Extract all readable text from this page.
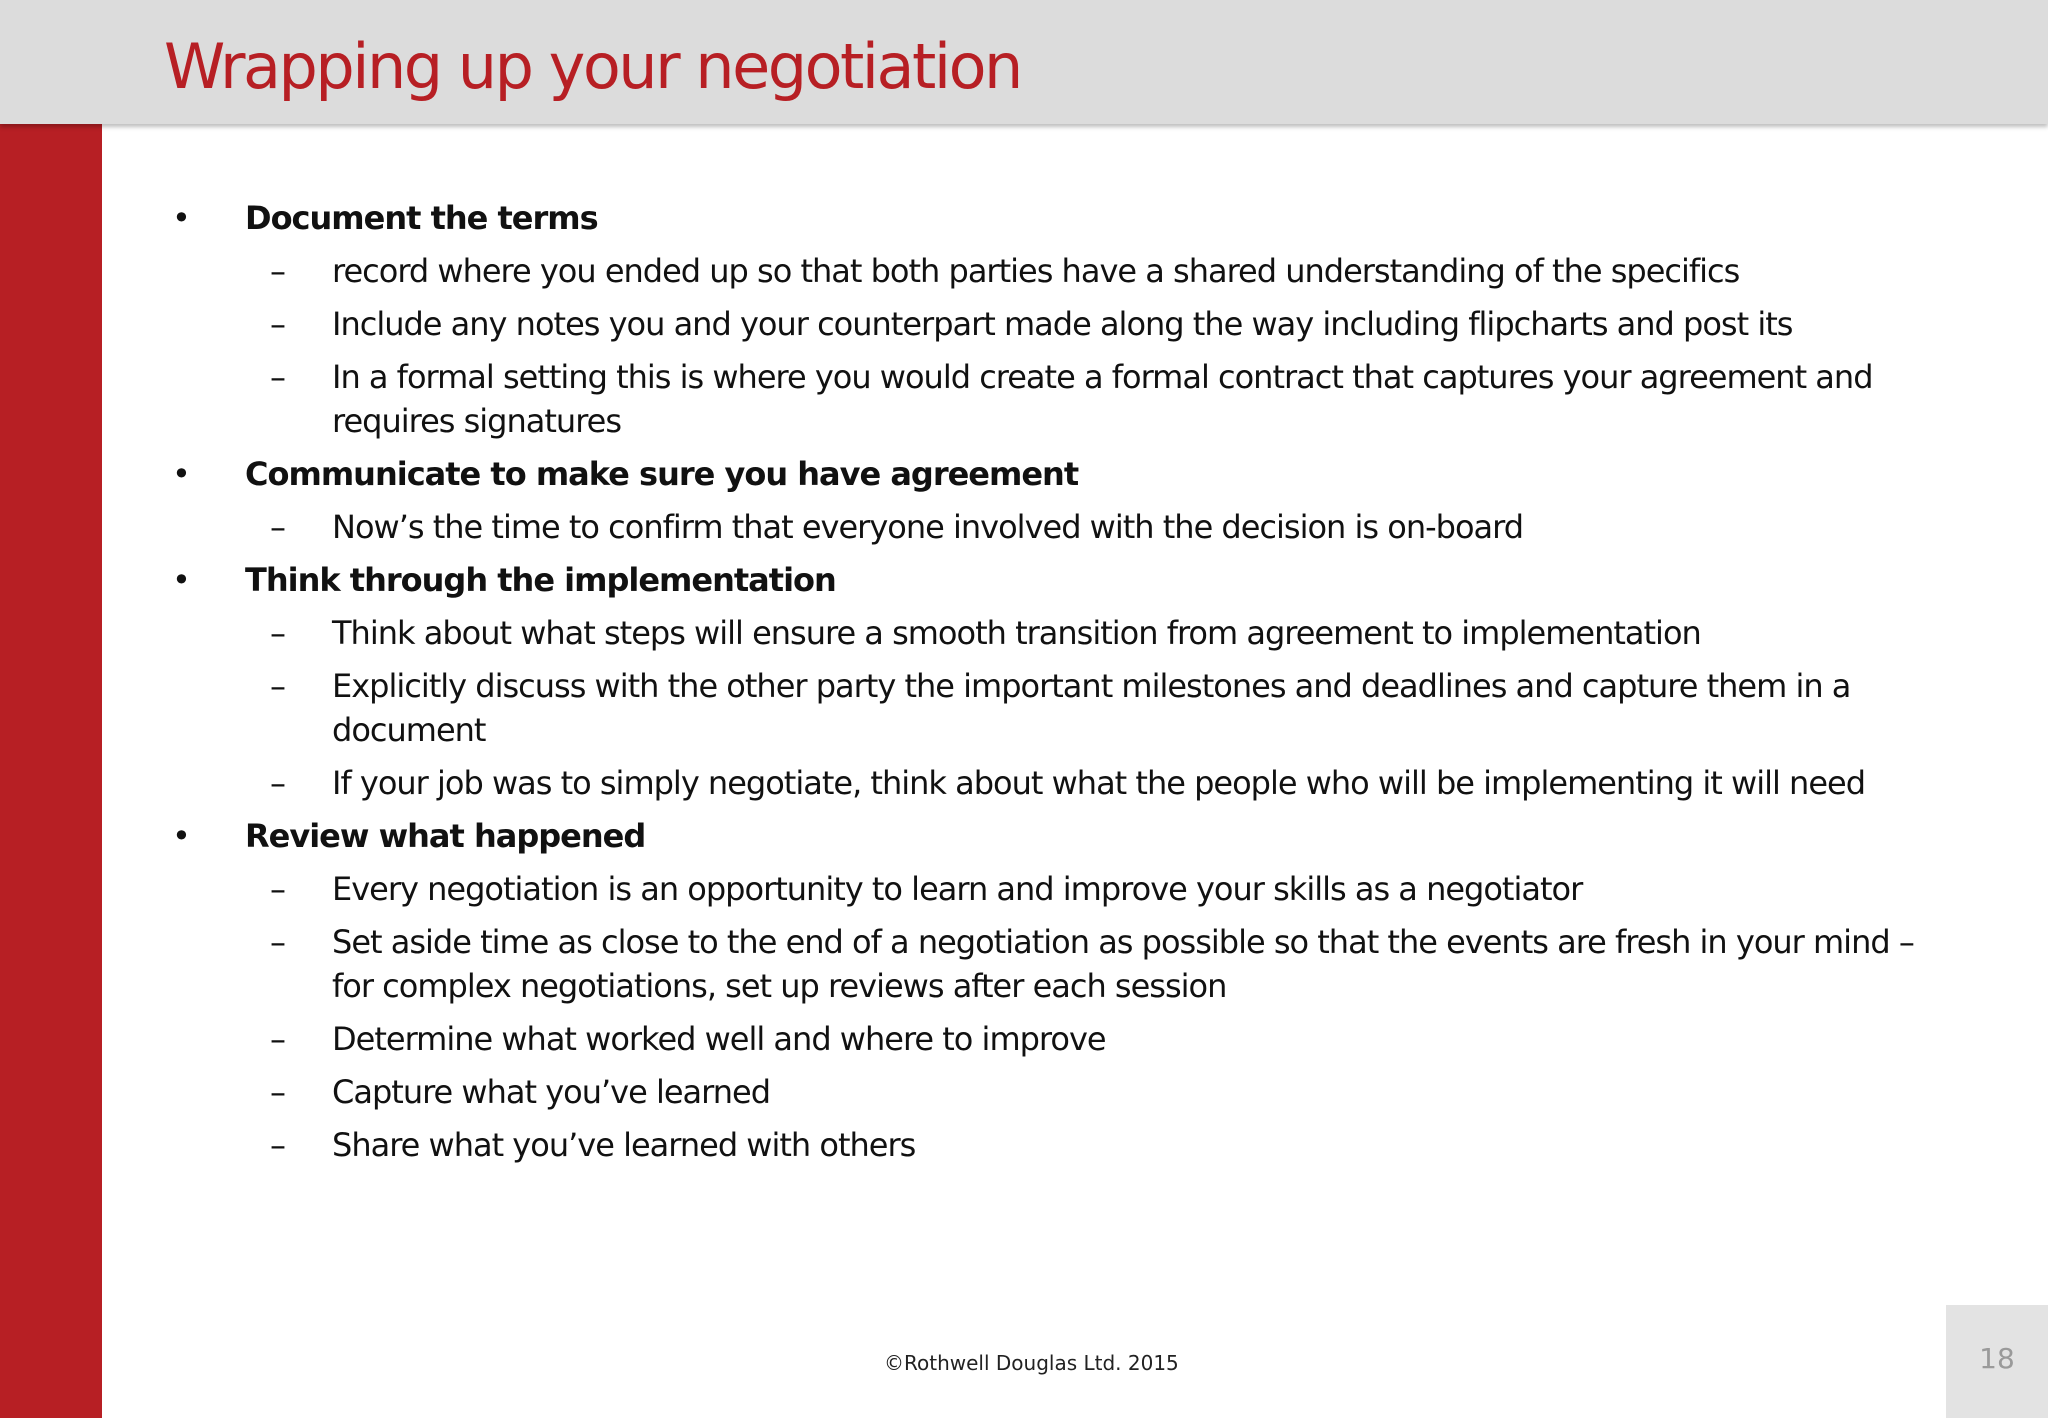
Wrapping up your negotiation
• Document the terms
– record where you ended up so that both parties have a shared understanding of the specifics
– Include any notes you and your counterpart made along the way including flipcharts and post its
– In a formal setting this is where you would create a formal contract that captures your agreement and requires signatures
• Communicate to make sure you have agreement
– Now’s the time to confirm that everyone involved with the decision is on-board
• Think through the implementation
– Think about what steps will ensure a smooth transition from agreement to implementation
– Explicitly discuss with the other party the important milestones and deadlines and capture them in a document
– If your job was to simply negotiate, think about what the people who will be implementing it will need
• Review what happened
– Every negotiation is an opportunity to learn and improve your skills as a negotiator
– Set aside time as close to the end of a negotiation as possible so that the events are fresh in your mind – for complex negotiations, set up reviews after each session
– Determine what worked well and where to improve
– Capture what you’ve learned
– Share what you’ve learned with others
©Rothwell Douglas Ltd. 2015	18
